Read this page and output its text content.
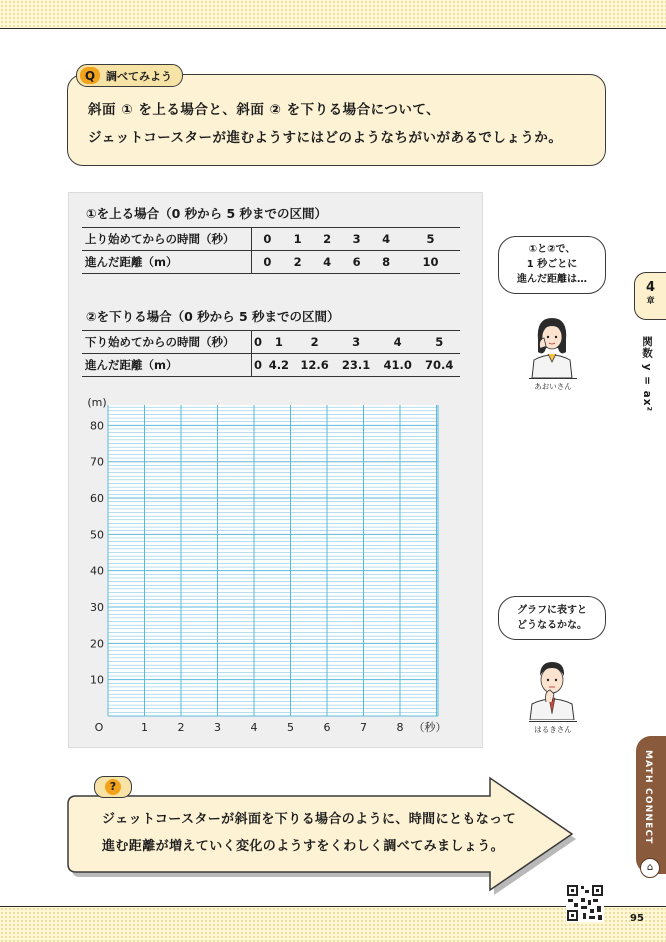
Q 調べてみよう
斜面 ① を上る場合と、斜面 ② を下りる場合について、
ジェットコースターが進むようすにはどのようなちがいがあるでしょうか。
①を上る場合（0 秒から 5 秒までの区間）
上り始めてからの時間（秒）	0	1	2	3	4	5
進んだ距離（m）	0	2	4	6	8	10
②を下りる場合（0 秒から 5 秒までの区間）
下り始めてからの時間（秒）	0	1	2	3	4	5
進んだ距離（m）	0	4.2	12.6	23.1	41.0	70.4
10
20
30
40
50
60
70
80
1	2	3	4	5	6	7	8
O
(m)
（秒）
①と②で、
1 秒ごとに
進んだ距離は…
あおいさん
グラフに表すと
どうなるかな。
はるきさん
4
章
関数 y = ax²
MATH CONNECT
⌂
?
ジェットコースターが斜面を下りる場合のように、時間にともなって
進む距離が増えていく変化のようすをくわしく調べてみましょう。
95
